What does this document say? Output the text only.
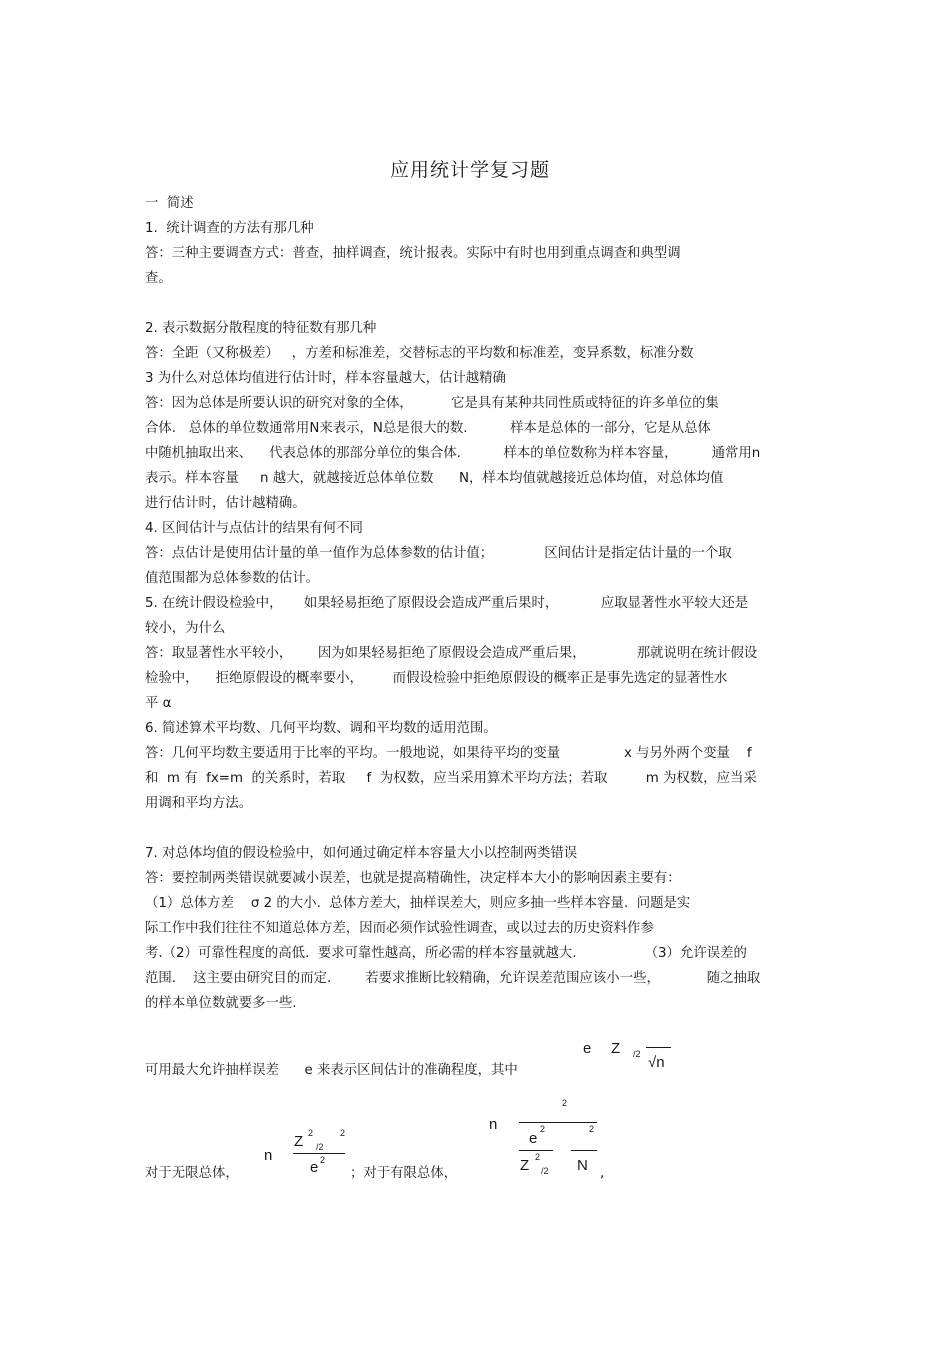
应用统计学复习题
一  简述
1.  统计调查的方法有那几种
答：三种主要调查方式：普查，抽样调查，统计报表。实际中有时也用到重点调查和典型调
查。
2. 表示数据分散程度的特征数有那几种
答：全距（又称极差）   ，方差和标准差，交替标志的平均数和标准差，变异系数，标准分数
3 为什么对总体均值进行估计时，样本容量越大，估计越精确
答：因为总体是所要认识的研究对象的全体，         它是具有某种共同性质或特征的许多单位的集
合体.   总体的单位数通常用N来表示，N总是很大的数.          样本是总体的一部分，它是从总体
中随机抽取出来、    代表总体的那部分单位的集合体.          样本的单位数称为样本容量，        通常用n
表示。样本容量     n 越大，就越接近总体单位数      N，样本均值就越接近总体均值，对总体均值
进行估计时，估计越精确。
4. 区间估计与点估计的结果有何不同
答：点估计是使用估计量的单一值作为总体参数的估计值；            区间估计是指定估计量的一个取
值范围都为总体参数的估计。
5. 在统计假设检验中，     如果轻易拒绝了原假设会造成严重后果时，          应取显著性水平较大还是
较小，为什么
答：取显著性水平较小，      因为如果轻易拒绝了原假设会造成严重后果，            那就说明在统计假设
检验中，    拒绝原假设的概率要小，       而假设检验中拒绝原假设的概率正是事先选定的显著性水
平 α
6. 简述算术平均数、几何平均数、调和平均数的适用范围。
答：几何平均数主要适用于比率的平均。一般地说，如果待平均的变量               x 与另外两个变量    f
和  m 有  fx=m  的关系时，若取     f  为权数，应当采用算术平均方法；若取         m 为权数，应当采
用调和平均方法。
7. 对总体均值的假设检验中，如何通过确定样本容量大小以控制两类错误
答：要控制两类错误就要减小误差，也就是提高精确性，决定样本大小的影响因素主要有：
（1）总体方差    σ 2 的大小.  总体方差大，抽样误差大，则应多抽一些样本容量.  问题是实
际工作中我们往往不知道总体方差，因而必须作试验性调查，或以过去的历史资料作参
考.（2）可靠性程度的高低.  要求可靠性越高，所必需的样本容量就越大.                （3）允许误差的
范围.    这主要由研究目的而定.        若要求推断比较精确，允许误差范围应该小一些，           随之抽取
的样本单位数就要多一些.
可用最大允许抽样误差      e 来表示区间估计的准确程度，其中
对于无限总体，	；对于有限总体，	,
e Z /2 √n
n
Z 2
/2
2
e 2
n
2
e
2	2
Z 2
/2 N
